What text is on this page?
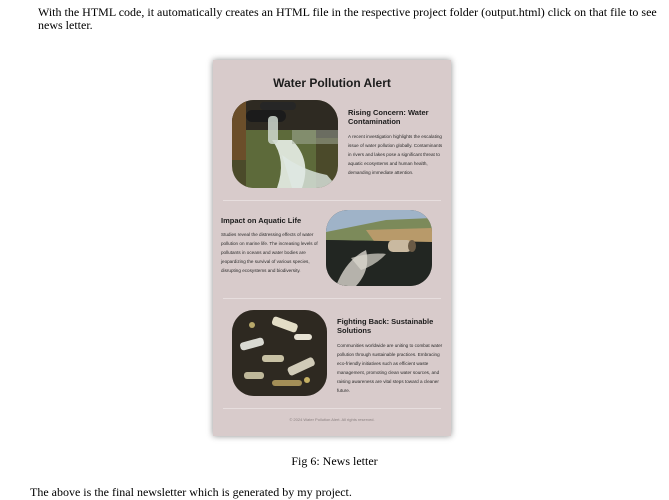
With the HTML code, it automatically creates an HTML file in the respective project folder (output.html) click on that file to see news letter.
Water Pollution Alert
Rising Concern: Water Contamination
A recent investigation highlights the escalating issue of water pollution globally. Contaminants in rivers and lakes pose a significant threat to aquatic ecosystems and human health, demanding immediate attention.
Impact on Aquatic Life
Studies reveal the distressing effects of water pollution on marine life. The increasing levels of pollutants in oceans and water bodies are jeopardizing the survival of various species, disrupting ecosystems and biodiversity.
Fighting Back: Sustainable Solutions
Communities worldwide are uniting to combat water pollution through sustainable practices. Embracing eco-friendly initiatives such as efficient waste management, promoting clean water sources, and raising awareness are vital steps toward a cleaner future.
© 2024 Water Pollution Alert. All rights reserved.
Fig 6: News letter
The above is the final newsletter which is generated by my project.
